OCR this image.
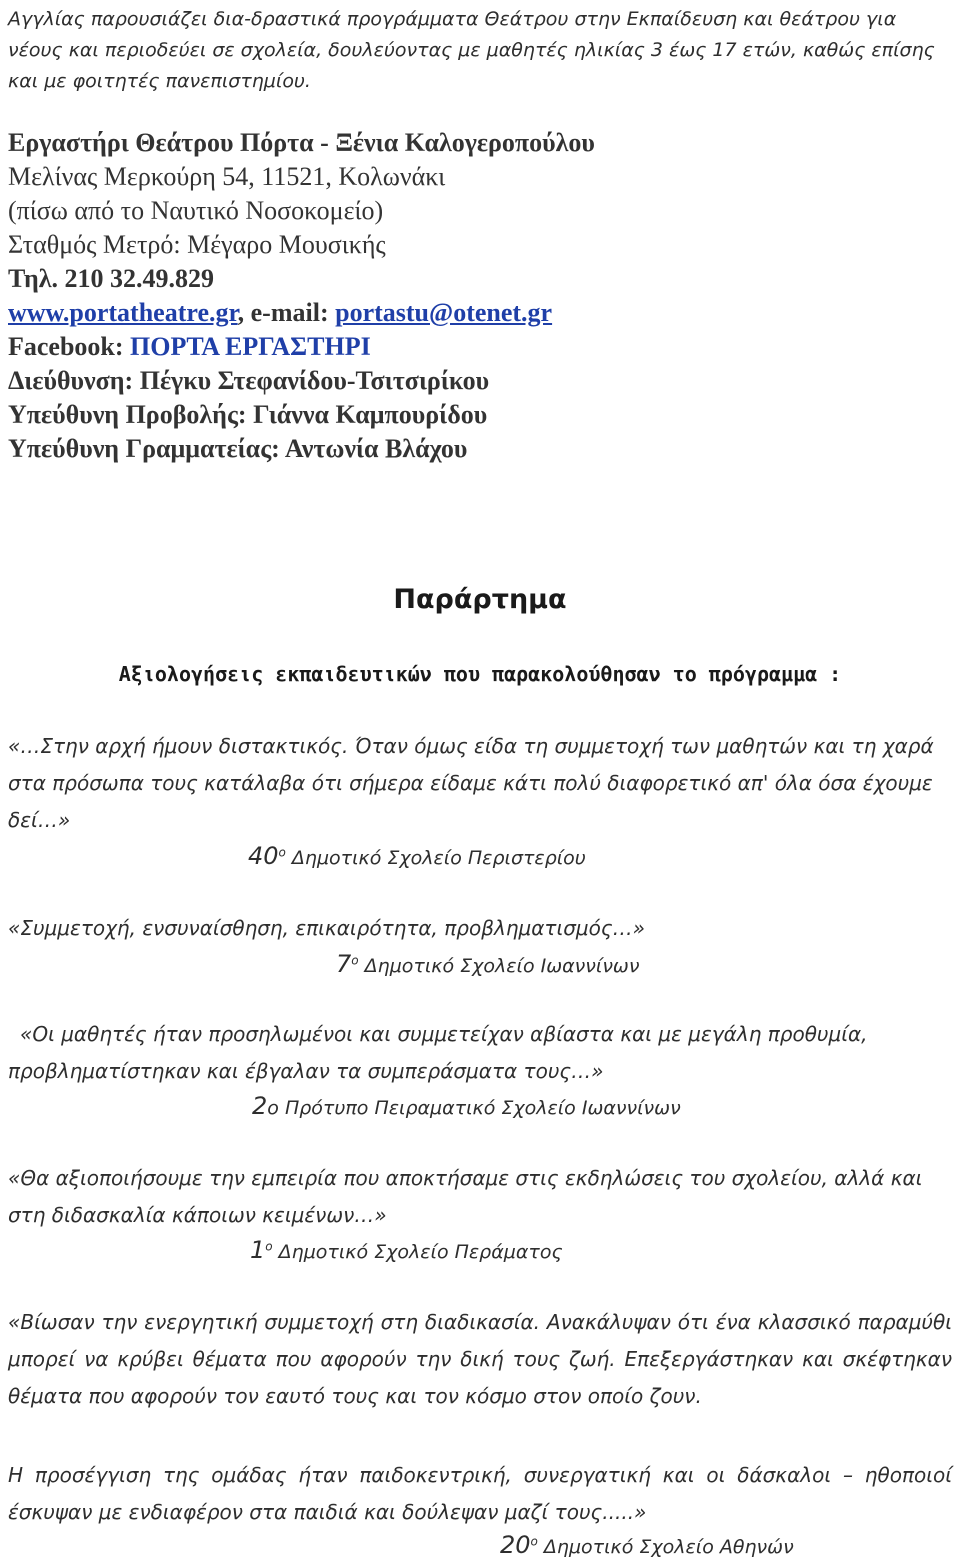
Αγγλίας παρουσιάζει δια-δραστικά προγράμματα Θεάτρου στην Εκπαίδευση και θεάτρου για νέους και περιοδεύει σε σχολεία, δουλεύοντας με μαθητές ηλικίας 3 έως 17 ετών, καθώς επίσης και με φοιτητές πανεπιστημίου.

Εργαστήρι Θεάτρου Πόρτα - Ξένια Καλογεροπούλου
Μελίνας Μερκούρη 54, 11521, Κολωνάκι
(πίσω από το Ναυτικό Νοσοκομείο)
Σταθμός Μετρό: Μέγαρο Μουσικής
Τηλ. 210 32.49.829
www.portatheatre.gr, e-mail: portastu@otenet.gr
Facebook: ΠΟΡΤΑ ΕΡΓΑΣΤΗΡΙ
Διεύθυνση: Πέγκυ Στεφανίδου-Τσιτσιρίκου
Υπεύθυνη Προβολής: Γιάννα Καμπουρίδου
Υπεύθυνη Γραμματείας: Αντωνία Βλάχου
Παράρτημα
Αξιολογήσεις εκπαιδευτικών που παρακολούθησαν το πρόγραμμα :

«…Στην αρχή ήμουν διστακτικός. Όταν όμως είδα τη συμμετοχή των μαθητών και τη χαρά στα πρόσωπα τους κατάλαβα ότι σήμερα είδαμε κάτι πολύ διαφορετικό απ' όλα όσα έχουμε δεί…»

$40^o$ Δημοτικό Σχολείο Περιστερίου

«Συμμετοχή, ενσυναίσθηση, επικαιρότητα, προβληματισμός…»

$7^o$ Δημοτικό Σχολείο Ιωαννίνων

«Οι μαθητές ήταν προσηλωμένοι και συμμετείχαν αβίαστα και με μεγάλη προθυμία, προβληματίστηκαν και έβγαλαν τα συμπεράσματα τους…»

2ο Πρότυπο Πειραματικό Σχολείο Ιωαννίνων

«Θα αξιοποιήσουμε την εμπειρία που αποκτήσαμε στις εκδηλώσεις του σχολείου, αλλά και στη διδασκαλία κάποιων κειμένων…»

$1^o$ Δημοτικό Σχολείο Περάματος

«Βίωσαν την ενεργητική συμμετοχή στη διαδικασία. Ανακάλυψαν ότι ένα κλασσικό παραμύθι μπορεί να κρύβει θέματα που αφορούν την δική τους ζωή. Επεξεργάστηκαν και σκέφτηκαν θέματα που αφορούν τον εαυτό τους και τον κόσμο στον οποίο ζουν.

Η προσέγγιση της ομάδας ήταν παιδοκεντρική, συνεργατική και οι δάσκαλοι – ηθοποιοί έσκυψαν με ενδιαφέρον στα παιδιά και δούλεψαν μαζί τους.....»

$20^o$ Δημοτικό Σχολείο Αθηνών
